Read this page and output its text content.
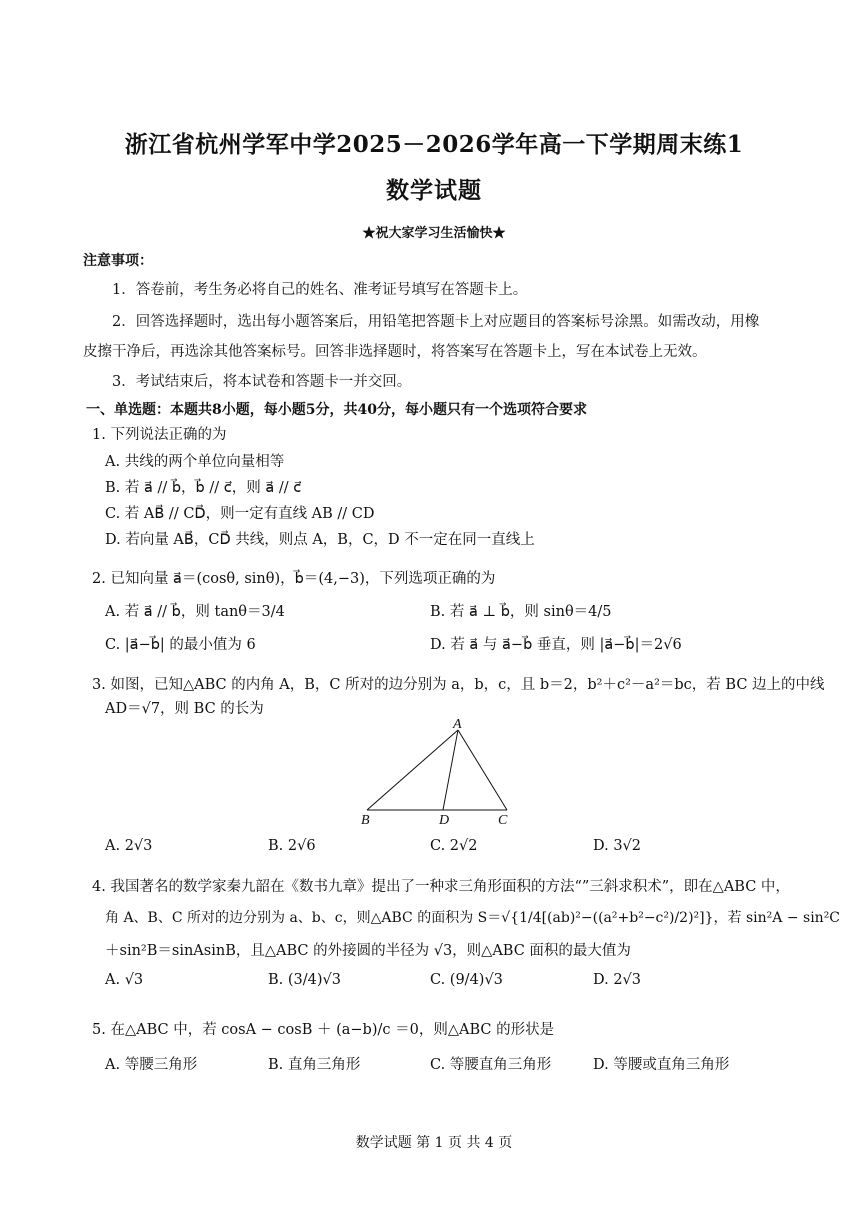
浙江省杭州学军中学2025－2026学年高一下学期周末练1
数学试题
★祝大家学习生活愉快★
注意事项：
1．答卷前，考生务必将自己的姓名、准考证号填写在答题卡上。
2．回答选择题时，选出每小题答案后，用铅笔把答题卡上对应题目的答案标号涂黑。如需改动，用橡
皮擦干净后，再选涂其他答案标号。回答非选择题时，将答案写在答题卡上，写在本试卷上无效。
3．考试结束后，将本试卷和答题卡一并交回。
一、单选题：本题共8小题，每小题5分，共40分，每小题只有一个选项符合要求
1. 下列说法正确的为
A. 共线的两个单位向量相等
B. 若 a⃗ // b⃗，b⃗ // c⃗，则 a⃗ // c⃗
C. 若 AB⃗ // CD⃗，则一定有直线 AB // CD
D. 若向量 AB⃗，CD⃗ 共线，则点 A，B，C，D 不一定在同一直线上
2. 已知向量 a⃗＝(cosθ, sinθ)，b⃗＝(4,−3)，下列选项正确的为
A. 若 a⃗ // b⃗，则 tanθ＝3/4	B. 若 a⃗ ⊥ b⃗，则 sinθ＝4/5
C. |a⃗−b⃗| 的最小值为 6	D. 若 a⃗ 与 a⃗−b⃗ 垂直，则 |a⃗−b⃗|＝2√6
3. 如图，已知△ABC 的内角 A，B，C 所对的边分别为 a，b，c，且 b＝2，b²＋c²－a²＝bc，若 BC 边上的中线
AD＝√7，则 BC 的长为
A
B	D	C
A. 2√3	B. 2√6	C. 2√2	D. 3√2
4. 我国著名的数学家秦九韶在《数书九章》提出了一种求三角形面积的方法“”三斜求积术”，即在△ABC 中，
角 A、B、C 所对的边分别为 a、b、c，则△ABC 的面积为 S＝√{1/4[(ab)²−((a²+b²−c²)/2)²]}，若 sin²A − sin²C
＋sin²B＝sinAsinB，且△ABC 的外接圆的半径为 √3，则△ABC 面积的最大值为
A. √3	B. (3/4)√3	C. (9/4)√3	D. 2√3
5. 在△ABC 中，若 cosA − cosB ＋ (a−b)/c ＝0，则△ABC 的形状是
A. 等腰三角形	B. 直角三角形	C. 等腰直角三角形	D. 等腰或直角三角形
数学试题 第 1 页 共 4 页
